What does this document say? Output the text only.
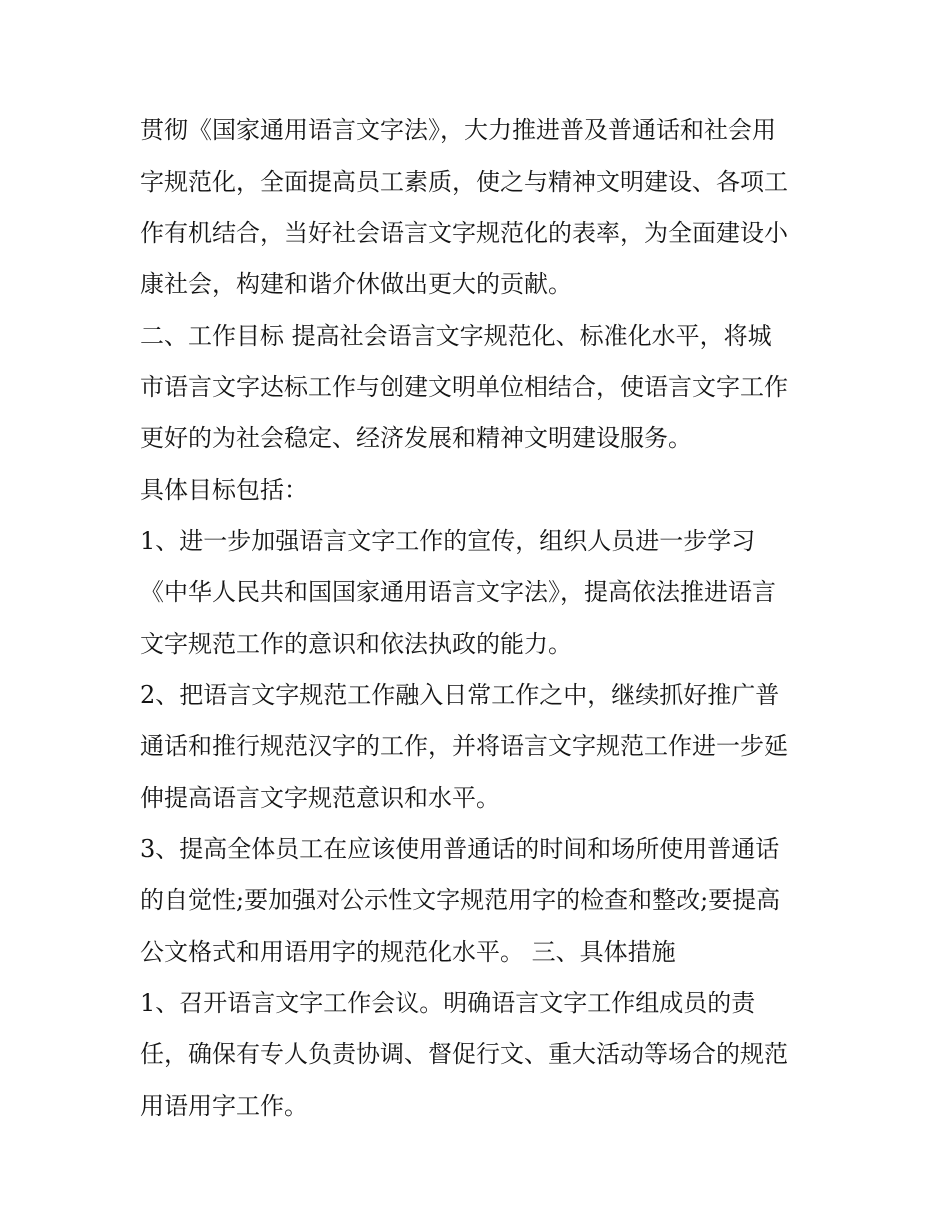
贯彻《国家通用语言文字法》，大力推进普及普通话和社会用
字规范化，全面提高员工素质，使之与精神文明建设、各项工
作有机结合，当好社会语言文字规范化的表率，为全面建设小
康社会，构建和谐介休做出更大的贡献。
二、工作目标 提高社会语言文字规范化、标准化水平，将城
市语言文字达标工作与创建文明单位相结合，使语言文字工作
更好的为社会稳定、经济发展和精神文明建设服务。
具体目标包括：
1、进一步加强语言文字工作的宣传，组织人员进一步学习
《中华人民共和国国家通用语言文字法》，提高依法推进语言
文字规范工作的意识和依法执政的能力。
2、把语言文字规范工作融入日常工作之中，继续抓好推广普
通话和推行规范汉字的工作，并将语言文字规范工作进一步延
伸提高语言文字规范意识和水平。
3、提高全体员工在应该使用普通话的时间和场所使用普通话
的自觉性;要加强对公示性文字规范用字的检查和整改;要提高
公文格式和用语用字的规范化水平。 三、具体措施
1、召开语言文字工作会议。明确语言文字工作组成员的责
任，确保有专人负责协调、督促行文、重大活动等场合的规范
用语用字工作。
